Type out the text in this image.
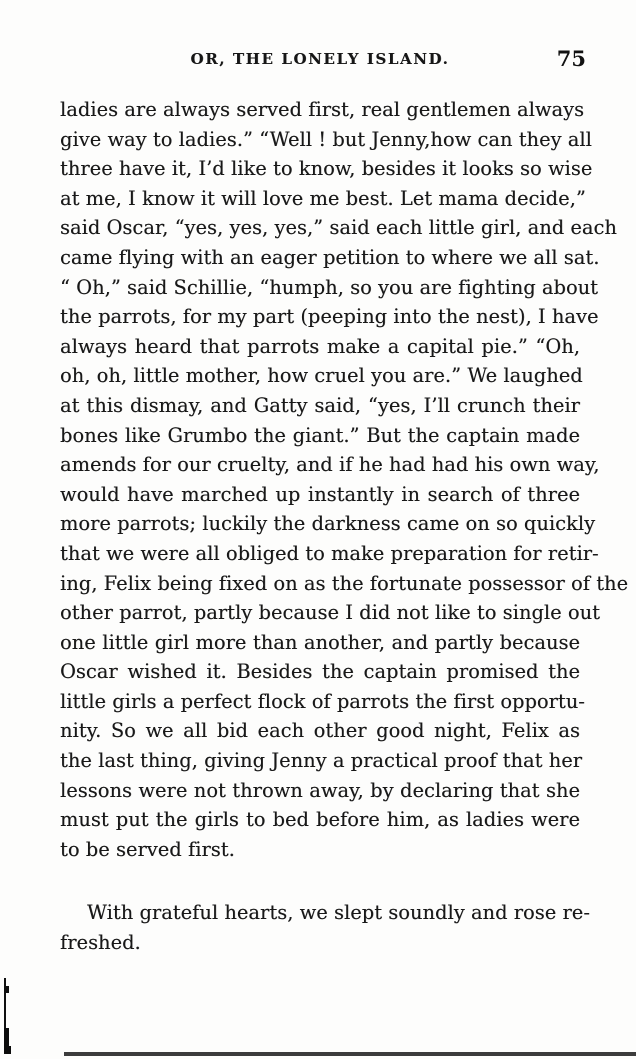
OR, THE LONELY ISLAND.	75
ladies are always served first, real gentlemen always
give way to ladies.” “Well ! but Jenny,how can they all
three have it, I’d like to know, besides it looks so wise
at me, I know it will love me best. Let mama decide,”
said Oscar, “yes, yes, yes,” said each little girl, and each
came flying with an eager petition to where we all sat.
“ Oh,” said Schillie, “humph, so you are fighting about
the parrots, for my part (peeping into the nest), I have
always heard that parrots make a capital pie.” “Oh,
oh, oh, little mother, how cruel you are.” We laughed
at this dismay, and Gatty said, “yes, I’ll crunch their
bones like Grumbo the giant.” But the captain made
amends for our cruelty, and if he had had his own way,
would have marched up instantly in search of three
more parrots; luckily the darkness came on so quickly
that we were all obliged to make preparation for retir-
ing, Felix being fixed on as the fortunate possessor of the
other parrot, partly because I did not like to single out
one little girl more than another, and partly because
Oscar wished it. Besides the captain promised the
little girls a perfect flock of parrots the first opportu-
nity. So we all bid each other good night, Felix as
the last thing, giving Jenny a practical proof that her
lessons were not thrown away, by declaring that she
must put the girls to bed before him, as ladies were
to be served first.
With grateful hearts, we slept soundly and rose re-
freshed.
